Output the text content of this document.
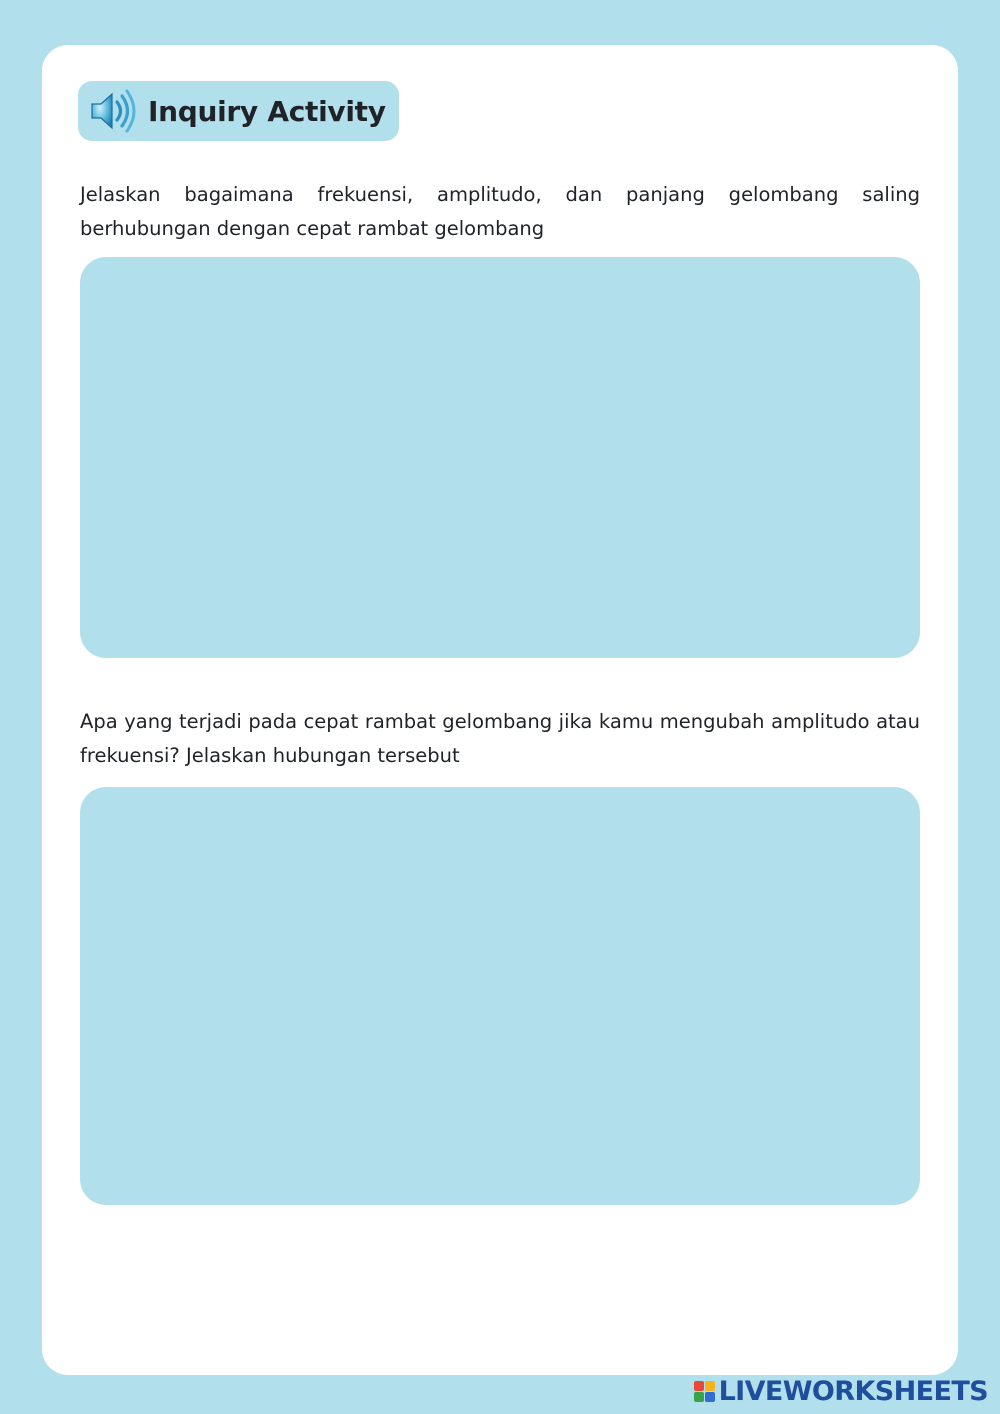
Inquiry Activity

Jelaskan bagaimana frekuensi, amplitudo, dan panjang gelombang saling berhubungan dengan cepat rambat gelombang

Apa yang terjadi pada cepat rambat gelombang jika kamu mengubah amplitudo atau frekuensi? Jelaskan hubungan tersebut

LIVEWORKSHEETS
